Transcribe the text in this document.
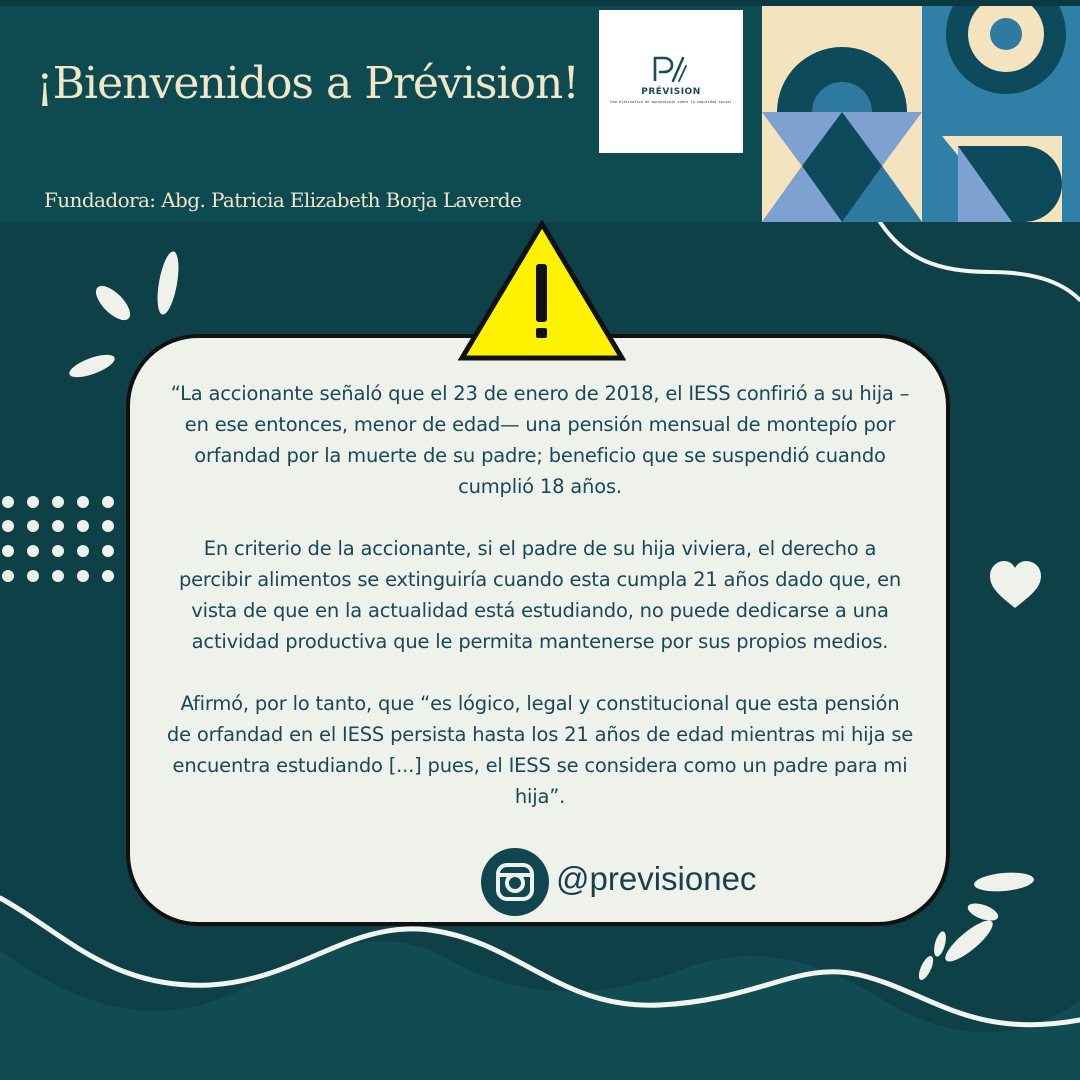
¡Bienvenidos a Prévision!
Fundadora: Abg. Patricia Elizabeth Borja Laverde
PRÉVISION
Una alternativa de aprendizaje sobre la seguridad social

“La accionante señaló que el 23 de enero de 2018, el IESS confirió a su hija –en ese entonces, menor de edad— una pensión mensual de montepío por orfandad por la muerte de su padre; beneficio que se suspendió cuando cumplió 18 años.

En criterio de la accionante, si el padre de su hija viviera, el derecho a percibir alimentos se extinguiría cuando esta cumpla 21 años dado que, en vista de que en la actualidad está estudiando, no puede dedicarse a una actividad productiva que le permita mantenerse por sus propios medios.

Afirmó, por lo tanto, que “es lógico, legal y constitucional que esta pensión de orfandad en el IESS persista hasta los 21 años de edad mientras mi hija se encuentra estudiando [...] pues, el IESS se considera como un padre para mi hija”.

@previsionec
